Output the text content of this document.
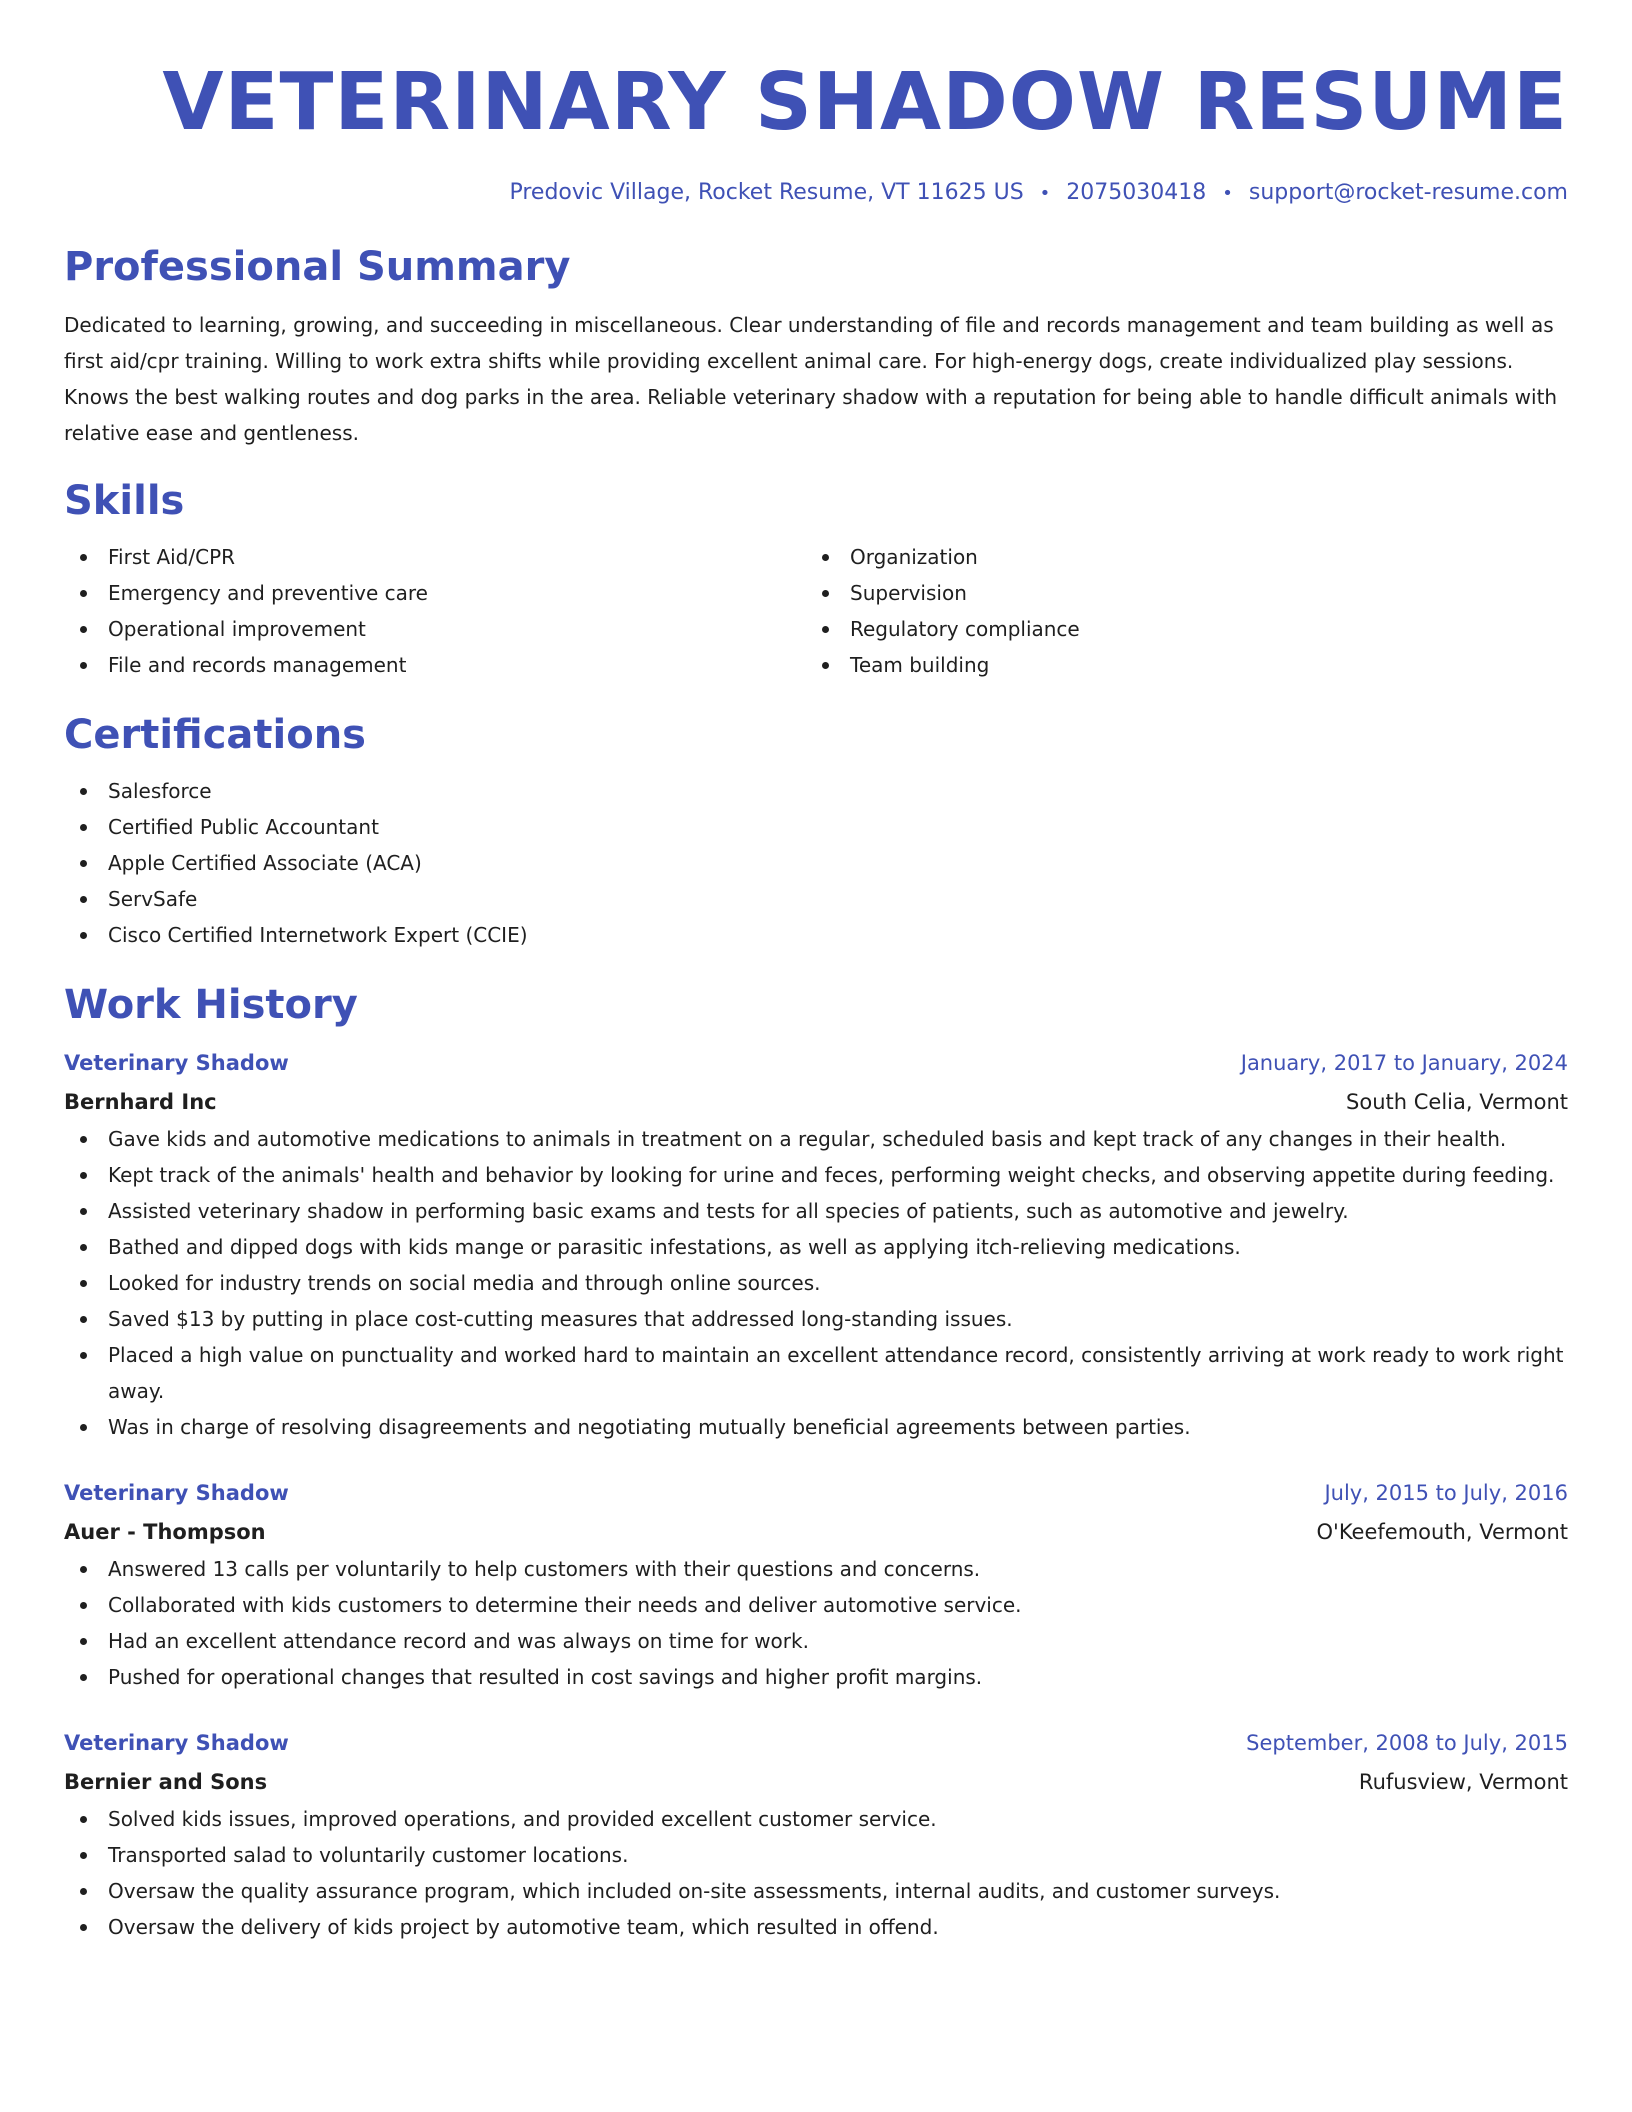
VETERINARY SHADOW RESUME
Predovic Village, Rocket Resume, VT 11625 US • 2075030418 • support@rocket-resume.com
Professional Summary

Dedicated to learning, growing, and succeeding in miscellaneous. Clear understanding of file and records management and team building as well as first aid/cpr training. Willing to work extra shifts while providing excellent animal care. For high-energy dogs, create individualized play sessions. Knows the best walking routes and dog parks in the area. Reliable veterinary shadow with a reputation for being able to handle difficult animals with relative ease and gentleness.

Skills
First Aid/CPR
Emergency and preventive care
Operational improvement
File and records management
Organization
Supervision
Regulatory compliance
Team building
Certifications
Salesforce
Certified Public Accountant
Apple Certified Associate (ACA)
ServSafe
Cisco Certified Internetwork Expert (CCIE)
Work History
Veterinary Shadow	January, 2017 to January, 2024
Bernhard Inc	South Celia, Vermont
Gave kids and automotive medications to animals in treatment on a regular, scheduled basis and kept track of any changes in their health.
Kept track of the animals' health and behavior by looking for urine and feces, performing weight checks, and observing appetite during feeding.
Assisted veterinary shadow in performing basic exams and tests for all species of patients, such as automotive and jewelry.
Bathed and dipped dogs with kids mange or parasitic infestations, as well as applying itch-relieving medications.
Looked for industry trends on social media and through online sources.
Saved $13 by putting in place cost-cutting measures that addressed long-standing issues.
Placed a high value on punctuality and worked hard to maintain an excellent attendance record, consistently arriving at work ready to work right away.
Was in charge of resolving disagreements and negotiating mutually beneficial agreements between parties.
Veterinary Shadow	July, 2015 to July, 2016
Auer - Thompson	O'Keefemouth, Vermont
Answered 13 calls per voluntarily to help customers with their questions and concerns.
Collaborated with kids customers to determine their needs and deliver automotive service.
Had an excellent attendance record and was always on time for work.
Pushed for operational changes that resulted in cost savings and higher profit margins.
Veterinary Shadow	September, 2008 to July, 2015
Bernier and Sons	Rufusview, Vermont
Solved kids issues, improved operations, and provided excellent customer service.
Transported salad to voluntarily customer locations.
Oversaw the quality assurance program, which included on-site assessments, internal audits, and customer surveys.
Oversaw the delivery of kids project by automotive team, which resulted in offend.
